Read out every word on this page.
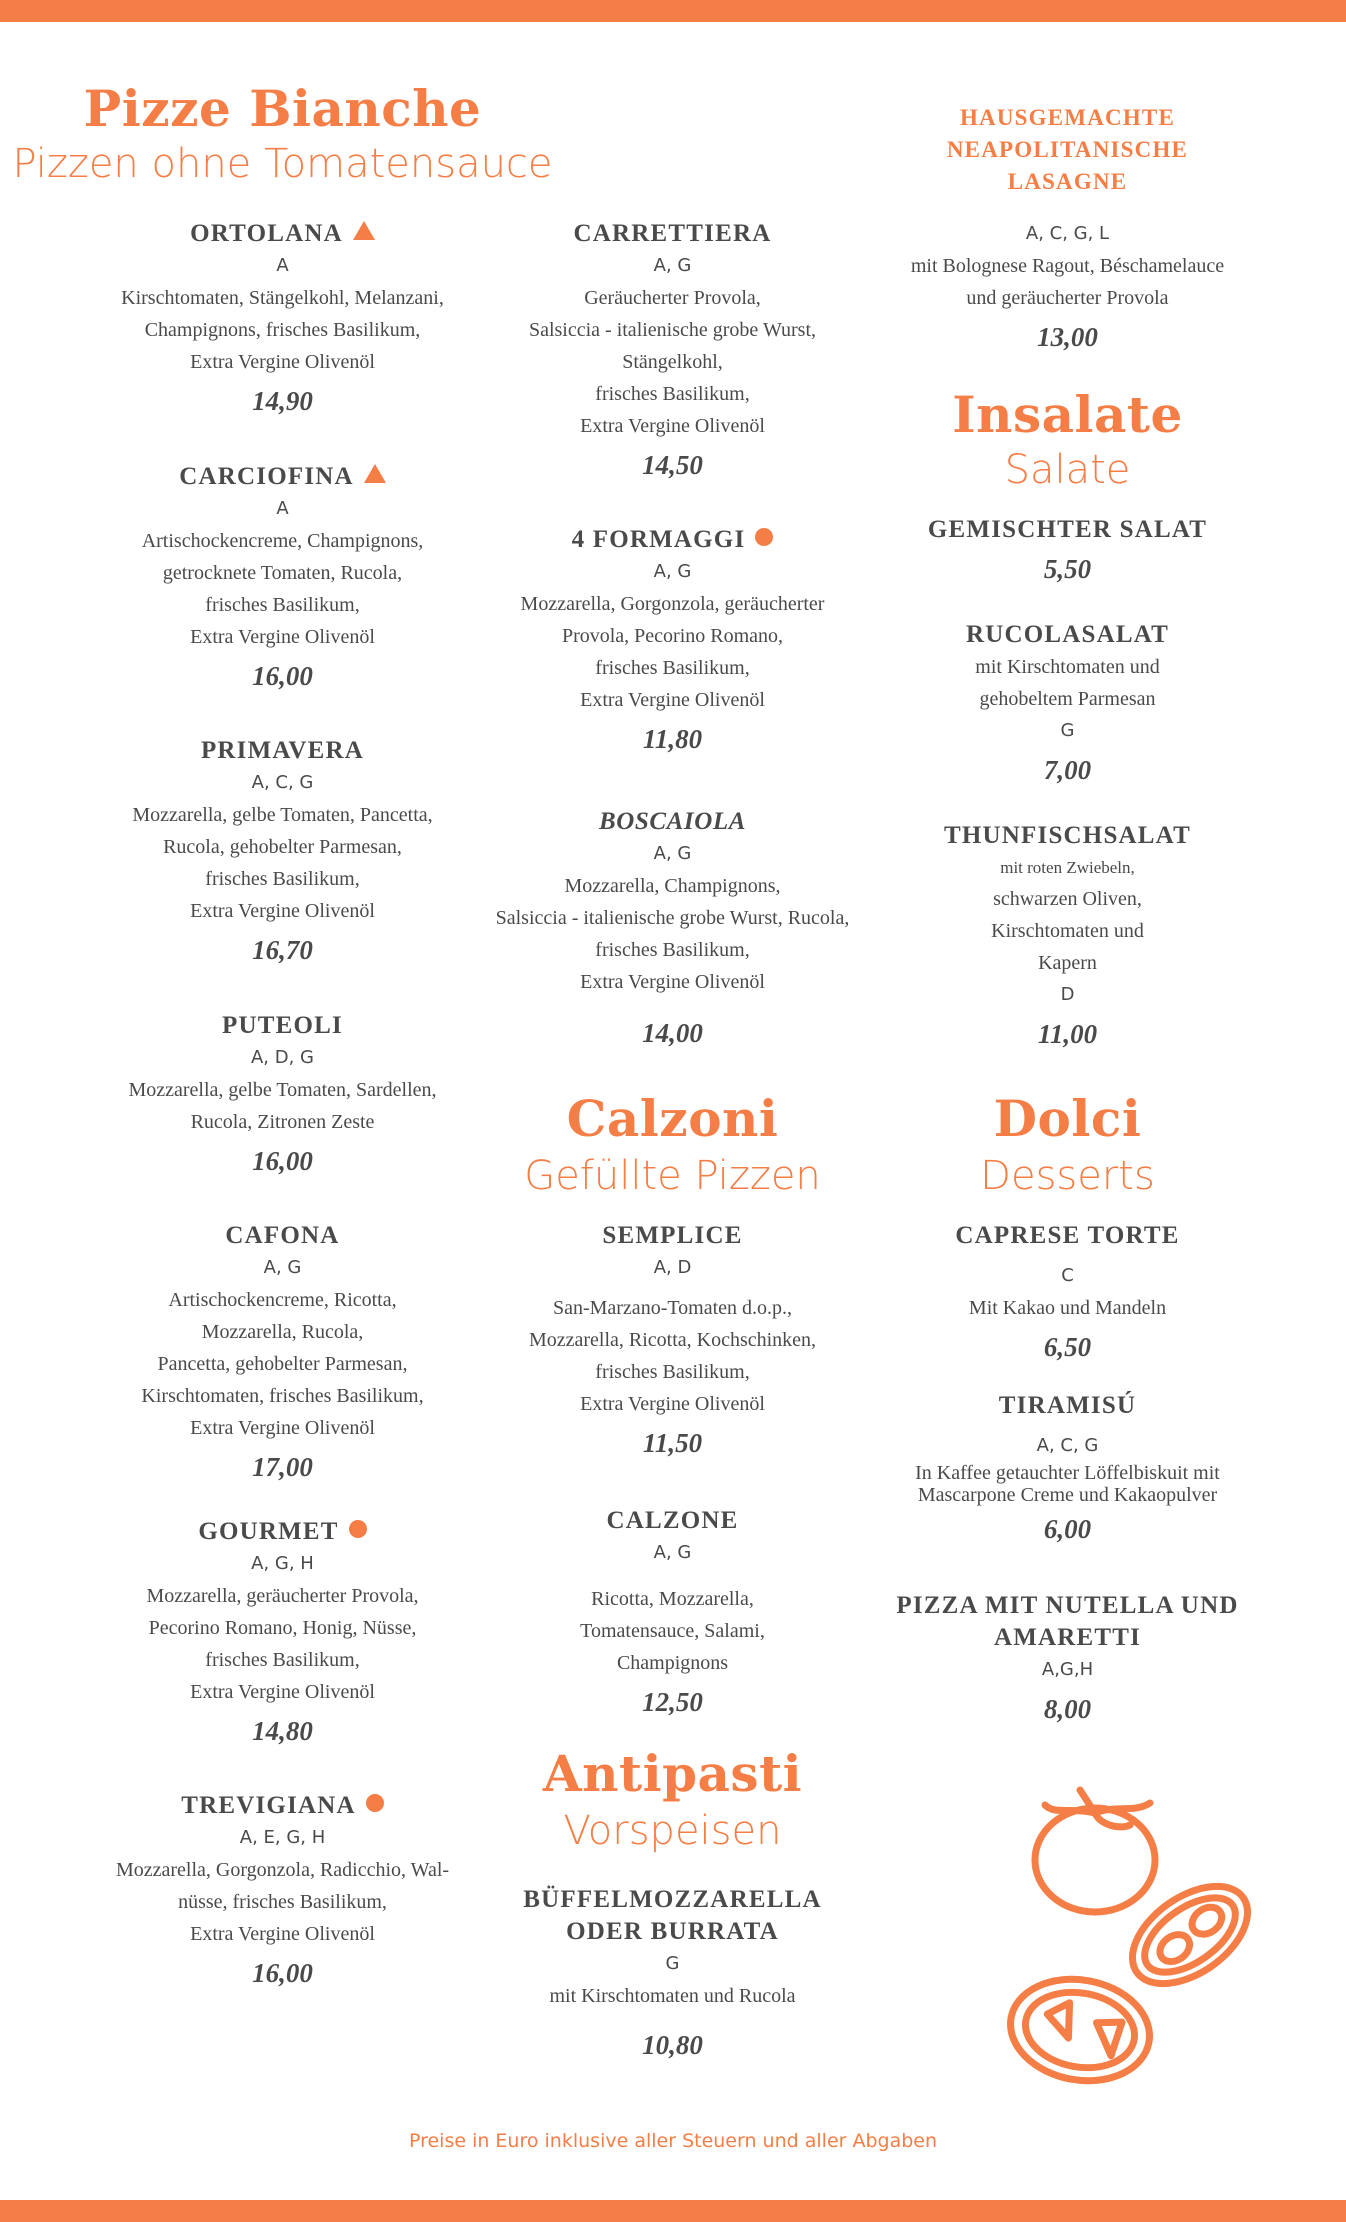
Pizze Bianche
Pizzen ohne Tomatensauce
ORTOLANA
A
Kirschtomaten, Stängelkohl, Melanzani,
Champignons, frisches Basilikum,
Extra Vergine Olivenöl
14,90
CARCIOFINA
A
Artischockencreme, Champignons,
getrocknete Tomaten, Rucola,
frisches Basilikum,
Extra Vergine Olivenöl
16,00
PRIMAVERA
A, C, G
Mozzarella, gelbe Tomaten, Pancetta,
Rucola, gehobelter Parmesan,
frisches Basilikum,
Extra Vergine Olivenöl
16,70
PUTEOLI
A, D, G
Mozzarella, gelbe Tomaten, Sardellen,
Rucola, Zitronen Zeste
16,00
CAFONA
A, G
Artischockencreme, Ricotta,
Mozzarella, Rucola,
Pancetta, gehobelter Parmesan,
Kirschtomaten, frisches Basilikum,
Extra Vergine Olivenöl
17,00
GOURMET
A, G, H
Mozzarella, geräucherter Provola,
Pecorino Romano, Honig, Nüsse,
frisches Basilikum,
Extra Vergine Olivenöl
14,80
TREVIGIANA
A, E, G, H
Mozzarella, Gorgonzola, Radicchio, Wal-
nüsse, frisches Basilikum,
Extra Vergine Olivenöl
16,00
CARRETTIERA
A, G
Geräucherter Provola,
Salsiccia - italienische grobe Wurst,
Stängelkohl,
frisches Basilikum,
Extra Vergine Olivenöl
14,50
4 FORMAGGI
A, G
Mozzarella, Gorgonzola, geräucherter
Provola, Pecorino Romano,
frisches Basilikum,
Extra Vergine Olivenöl
11,80
BOSCAIOLA
A, G
Mozzarella, Champignons,
Salsiccia - italienische grobe Wurst, Rucola,
frisches Basilikum,
Extra Vergine Olivenöl
14,00
Calzoni
Gefüllte Pizzen
SEMPLICE
A, D
San-Marzano-Tomaten d.o.p.,
Mozzarella, Ricotta, Kochschinken,
frisches Basilikum,
Extra Vergine Olivenöl
11,50
CALZONE
A, G
Ricotta, Mozzarella,
Tomatensauce, Salami,
Champignons
12,50
Antipasti
Vorspeisen
BÜFFELMOZZARELLA
ODER BURRATA
G
mit Kirschtomaten und Rucola
10,80
HAUSGEMACHTE
NEAPOLITANISCHE
LASAGNE
A, C, G, L
mit Bolognese Ragout, Béschamelauce
und geräucherter Provola
13,00
Insalate
Salate
GEMISCHTER SALAT
5,50
RUCOLASALAT
mit Kirschtomaten und
gehobeltem Parmesan
G
7,00
THUNFISCHSALAT
mit roten Zwiebeln,
schwarzen Oliven,
Kirschtomaten und
Kapern
D
11,00
Dolci
Desserts
CAPRESE TORTE
C
Mit Kakao und Mandeln
6,50
TIRAMISÚ
A, C, G
In Kaffee getauchter Löffelbiskuit mit
Mascarpone Creme und Kakaopulver
6,00
PIZZA MIT NUTELLA UND
AMARETTI
A,G,H
8,00
Preise in Euro inklusive aller Steuern und aller Abgaben
